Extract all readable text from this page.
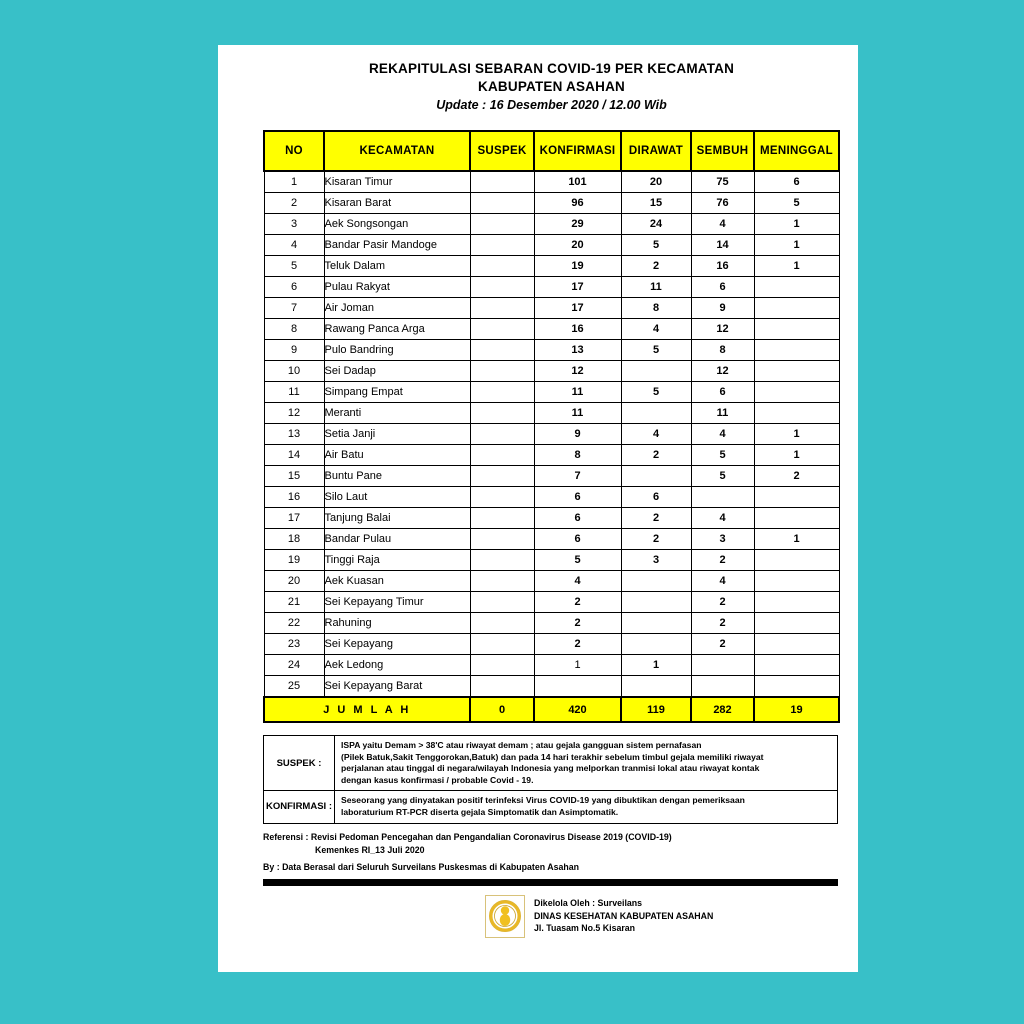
REKAPITULASI SEBARAN COVID-19 PER KECAMATAN
KABUPATEN ASAHAN
Update : 16 Desember 2020 / 12.00 Wib
NO	KECAMATAN	SUSPEK	KONFIRMASI	DIRAWAT	SEMBUH	MENINGGAL
1	Kisaran Timur		101	20	75	6
2	Kisaran Barat		96	15	76	5
3	Aek Songsongan		29	24	4	1
4	Bandar Pasir Mandoge		20	5	14	1
5	Teluk Dalam		19	2	16	1
6	Pulau Rakyat		17	11	6	
7	Air Joman		17	8	9	
8	Rawang Panca Arga		16	4	12	
9	Pulo Bandring		13	5	8	
10	Sei Dadap		12		12	
11	Simpang Empat		11	5	6	
12	Meranti		11		11	
13	Setia Janji		9	4	4	1
14	Air Batu		8	2	5	1
15	Buntu Pane		7		5	2
16	Silo Laut		6	6		
17	Tanjung Balai		6	2	4	
18	Bandar Pulau		6	2	3	1
19	Tinggi Raja		5	3	2	
20	Aek Kuasan		4		4	
21	Sei Kepayang Timur		2		2	
22	Rahuning		2		2	
23	Sei Kepayang		2		2	
24	Aek Ledong		1	1		
25	Sei Kepayang Barat					
J U M L A H		0	420	119	282	19
SUSPEK :	ISPA yaitu Demam > 38'C atau riwayat demam ; atau gejala gangguan sistem pernafasan

(Pilek Batuk,Sakit Tenggorokan,Batuk) dan pada 14 hari terakhir sebelum timbul gejala memiliki riwayat

perjalanan atau tinggal di negara/wilayah Indonesia yang melporkan tranmisi lokal atau riwayat kontak

dengan kasus konfirmasi / probable Covid - 19.

KONFIRMASI :	Seseorang yang dinyatakan positif terinfeksi Virus COVID-19 yang dibuktikan dengan pemeriksaan

laboraturium RT-PCR diserta gejala Simptomatik dan Asimptomatik.

Referensi : Revisi Pedoman Pencegahan dan Pengandalian Coronavirus Disease 2019 (COVID-19)
Kemenkes RI_13 Juli 2020
By : Data Berasal dari Seluruh Surveilans Puskesmas di Kabupaten Asahan
Dikelola Oleh : Surveilans
DINAS KESEHATAN KABUPATEN ASAHAN
Jl. Tuasam No.5 Kisaran
